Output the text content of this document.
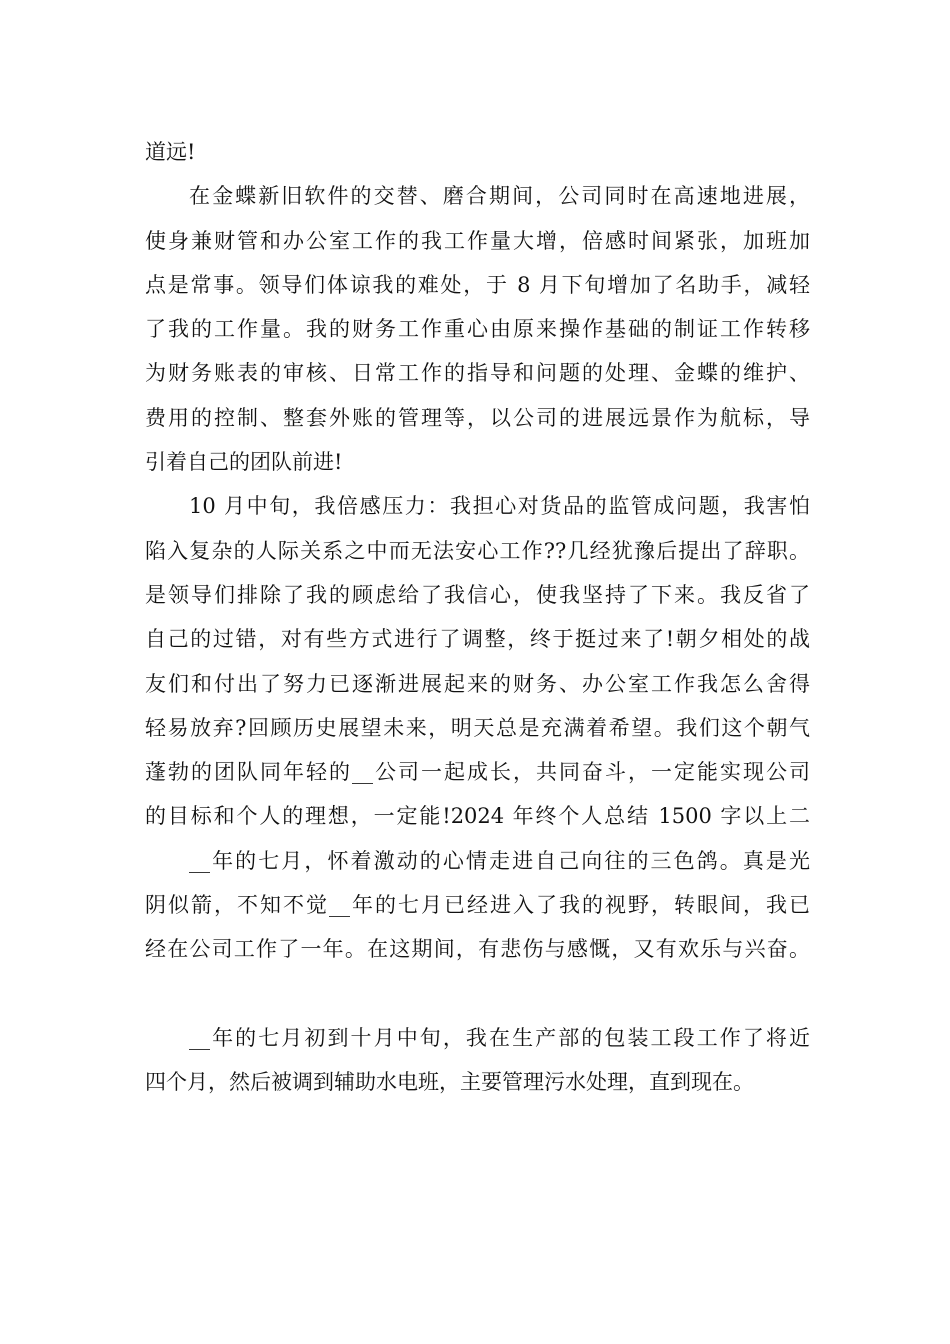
道远!
在金蝶新旧软件的交替、磨合期间，公司同时在高速地进展，
使身兼财管和办公室工作的我工作量大增，倍感时间紧张，加班加
点是常事。领导们体谅我的难处，于 8 月下旬增加了名助手，减轻
了我的工作量。我的财务工作重心由原来操作基础的制证工作转移
为财务账表的审核、日常工作的指导和问题的处理、金蝶的维护、
费用的控制、整套外账的管理等，以公司的进展远景作为航标，导
引着自己的团队前进!
10 月中旬，我倍感压力：我担心对货品的监管成问题，我害怕
陷入复杂的人际关系之中而无法安心工作??几经犹豫后提出了辞职。
是领导们排除了我的顾虑给了我信心，使我坚持了下来。我反省了
自己的过错，对有些方式进行了调整，终于挺过来了!朝夕相处的战
友们和付出了努力已逐渐进展起来的财务、办公室工作我怎么舍得
轻易放弃?回顾历史展望未来，明天总是充满着希望。我们这个朝气
蓬勃的团队同年轻的__公司一起成长，共同奋斗，一定能实现公司
的目标和个人的理想，一定能!2024 年终个人总结 1500 字以上二
__年的七月，怀着激动的心情走进自己向往的三色鸽。真是光
阴似箭，不知不觉__年的七月已经进入了我的视野，转眼间，我已
经在公司工作了一年。在这期间，有悲伤与感慨，又有欢乐与兴奋。
__年的七月初到十月中旬，我在生产部的包装工段工作了将近
四个月，然后被调到辅助水电班，主要管理污水处理，直到现在。
